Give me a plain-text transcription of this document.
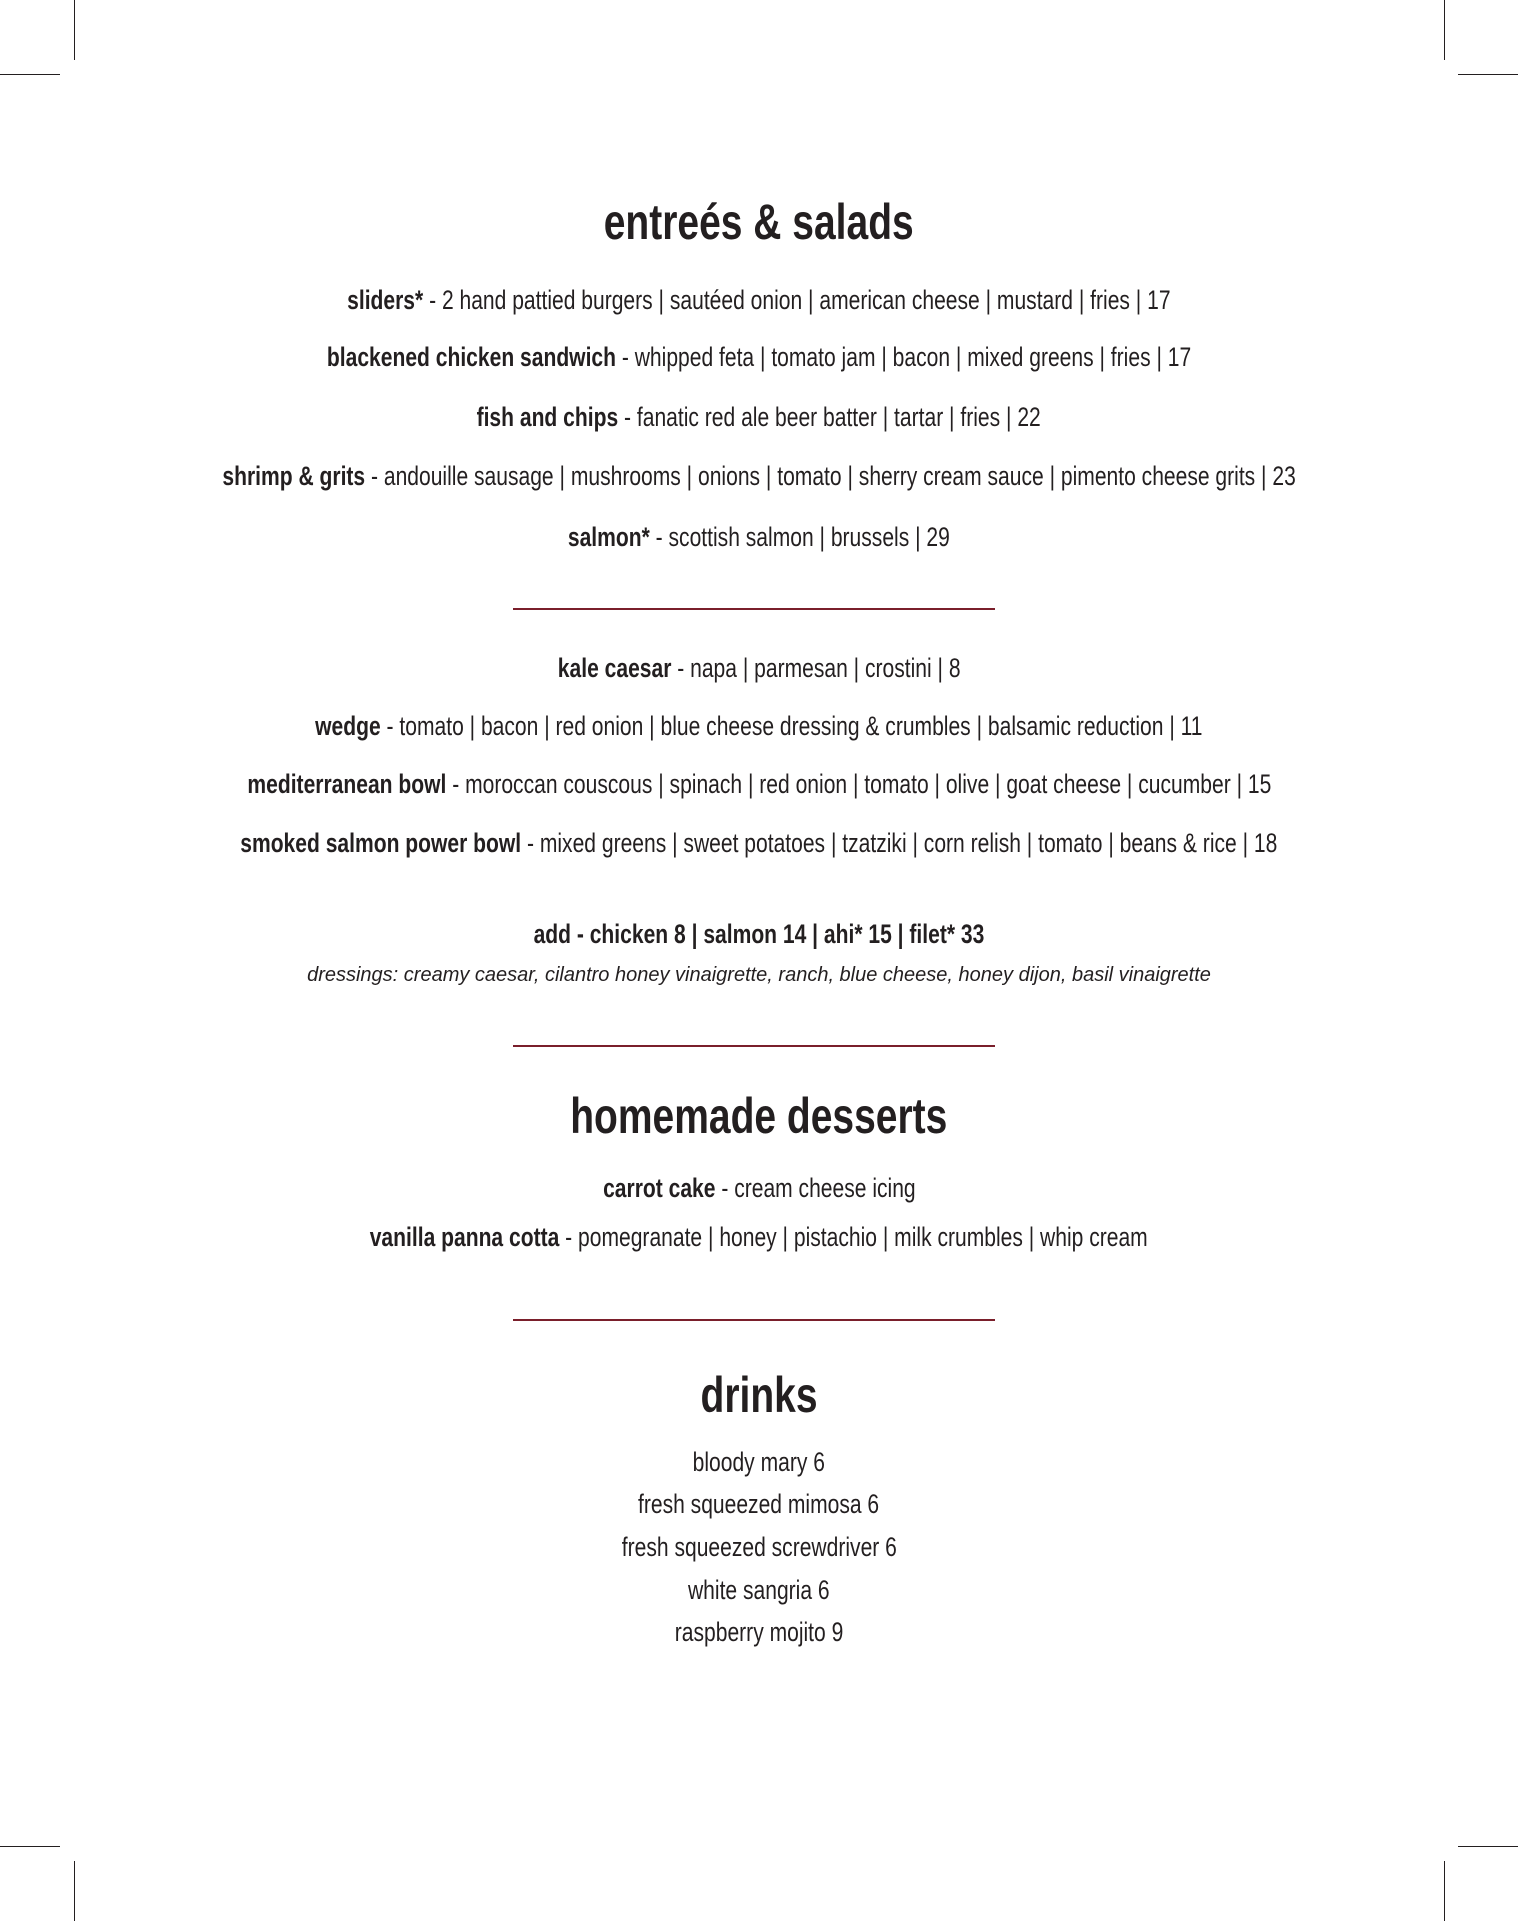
entreés & salads
sliders* - 2 hand pattied burgers | sautéed onion | american cheese | mustard | fries | 17
blackened chicken sandwich - whipped feta | tomato jam | bacon | mixed greens | fries | 17
fish and chips - fanatic red ale beer batter | tartar | fries | 22
shrimp & grits - andouille sausage | mushrooms | onions | tomato | sherry cream sauce | pimento cheese grits | 23
salmon* - scottish salmon | brussels | 29
kale caesar - napa | parmesan | crostini | 8
wedge - tomato | bacon | red onion | blue cheese dressing & crumbles | balsamic reduction | 11
mediterranean bowl - moroccan couscous | spinach | red onion | tomato | olive | goat cheese | cucumber | 15
smoked salmon power bowl - mixed greens | sweet potatoes | tzatziki | corn relish | tomato | beans & rice | 18
add - chicken 8 | salmon 14 | ahi* 15 | filet* 33
dressings: creamy caesar, cilantro honey vinaigrette, ranch, blue cheese, honey dijon, basil vinaigrette
homemade desserts
carrot cake - cream cheese icing
vanilla panna cotta - pomegranate | honey | pistachio | milk crumbles | whip cream
drinks
bloody mary 6
fresh squeezed mimosa 6
fresh squeezed screwdriver 6
white sangria 6
raspberry mojito 9
